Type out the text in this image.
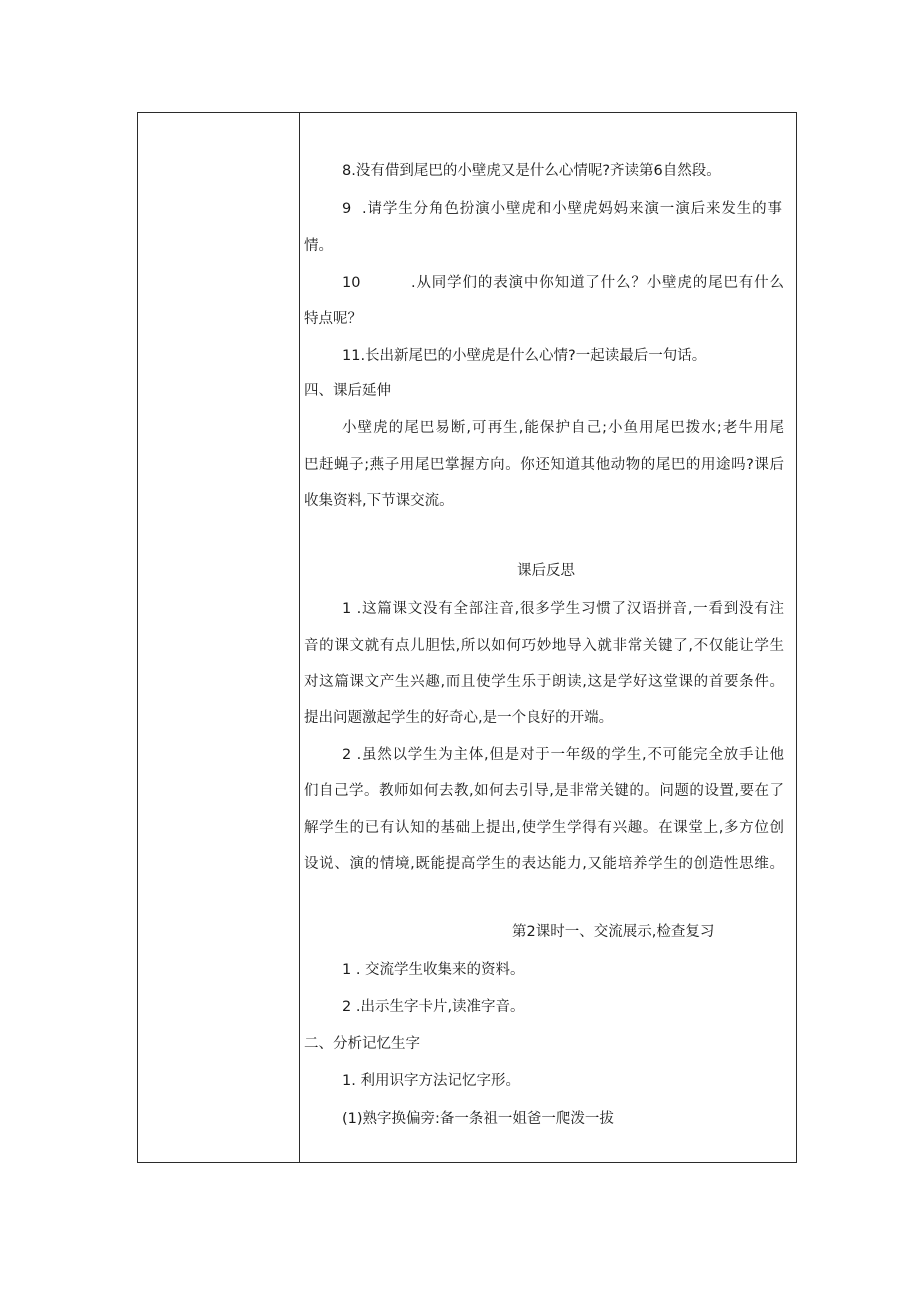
8.没有借到尾巴的小壁虎又是什么心情呢?齐读第6自然段。
9 .请学生分角色扮演小壁虎和小壁虎妈妈来演一演后来发生的事
情。
10	.从同学们的表演中你知道了什么？小壁虎的尾巴有什么
特点呢？
11.长出新尾巴的小壁虎是什么心情?一起读最后一句话。
四、课后延伸
小壁虎的尾巴易断,可再生,能保护自己;小鱼用尾巴拨水;老牛用尾
巴赶蝇子;燕子用尾巴掌握方向。你还知道其他动物的尾巴的用途吗?课后
收集资料,下节课交流。
课后反思
1 .这篇课文没有全部注音,很多学生习惯了汉语拼音,一看到没有注
音的课文就有点儿胆怯,所以如何巧妙地导入就非常关键了,不仅能让学生
对这篇课文产生兴趣,而且使学生乐于朗读,这是学好这堂课的首要条件。
提出问题激起学生的好奇心,是一个良好的开端。
2 .虽然以学生为主体,但是对于一年级的学生,不可能完全放手让他
们自己学。教师如何去教,如何去引导,是非常关键的。问题的设置,要在了
解学生的已有认知的基础上提出,使学生学得有兴趣。在课堂上,多方位创
设说、演的情境,既能提高学生的表达能力,又能培养学生的创造性思维。
第2课时一、交流展示,检查复习
1 . 交流学生收集来的资料。
2 .出示生字卡片,读准字音。
二、分析记忆生字
1. 利用识字方法记忆字形。
(1)熟字换偏旁:备一条祖一姐爸一爬泼一拔
